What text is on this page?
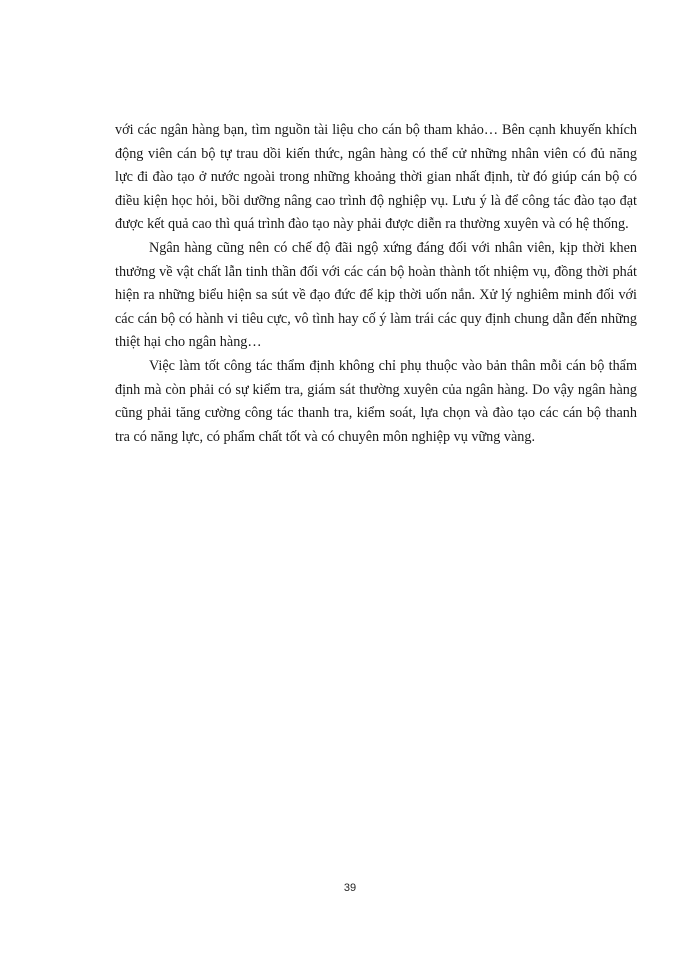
với các ngân hàng bạn, tìm nguồn tài liệu cho cán bộ tham khảo… Bên cạnh khuyến khích động viên cán bộ tự trau dồi kiến thức, ngân hàng có thể cử những nhân viên có đủ năng lực đi đào tạo ở nước ngoài trong những khoảng thời gian nhất định, từ đó giúp cán bộ có điều kiện học hỏi, bồi dưỡng nâng cao trình độ nghiệp vụ. Lưu ý là để công tác đào tạo đạt được kết quả cao thì quá trình đào tạo này phải được diễn ra thường xuyên và có hệ thống.

Ngân hàng cũng nên có chế độ đãi ngộ xứng đáng đối với nhân viên, kịp thời khen thưởng về vật chất lẫn tinh thần đối với các cán bộ hoàn thành tốt nhiệm vụ, đồng thời phát hiện ra những biểu hiện sa sút về đạo đức để kịp thời uốn nắn. Xử lý nghiêm minh đối với các cán bộ có hành vi tiêu cực, vô tình hay cố ý làm trái các quy định chung dẫn đến những thiệt hại cho ngân hàng…

Việc làm tốt công tác thẩm định không chỉ phụ thuộc vào bản thân mỗi cán bộ thẩm định mà còn phải có sự kiểm tra, giám sát thường xuyên của ngân hàng. Do vậy ngân hàng cũng phải tăng cường công tác thanh tra, kiểm soát, lựa chọn và đào tạo các cán bộ thanh tra có năng lực, có phẩm chất tốt và có chuyên môn nghiệp vụ vững vàng.

39
